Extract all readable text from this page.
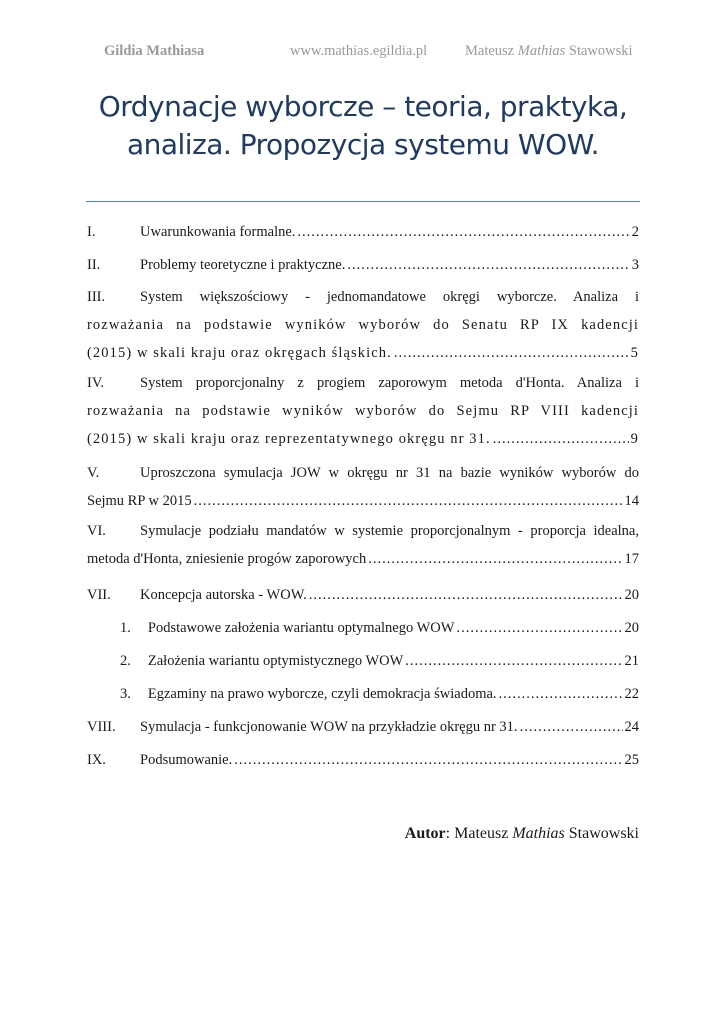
Gildia Mathiasa	www.mathias.egildia.pl	Mateusz Mathias Stawowski
Ordynacje wyborcze – teoria, praktyka, analiza. Propozycja systemu WOW.
I.	Uwarunkowania formalne. .....	2
II.	Problemy teoretyczne i praktyczne. .....	3
III. System większościowy - jednomandatowe okręgi wyborcze. Analiza i
rozważania na podstawie wyników wyborów do Senatu RP IX kadencji
(2015) w skali kraju oraz okręgach śląskich. .....	5
IV. System proporcjonalny z progiem zaporowym metoda d'Honta. Analiza i
rozważania na podstawie wyników wyborów do Sejmu RP VIII kadencji
(2015) w skali kraju oraz reprezentatywnego okręgu nr 31. .....	9
V.	Uproszczona symulacja JOW w okręgu nr 31 na bazie wyników wyborów do
Sejmu RP w 2015 .....	14
VI. Symulacje podziału mandatów w systemie proporcjonalnym - proporcja idealna,
metoda d'Honta, zniesienie progów zaporowych .....	17
VII. Koncepcja autorska - WOW. .....	20
1. Podstawowe założenia wariantu optymalnego WOW .....	20
2. Założenia wariantu optymistycznego WOW .....	21
3. Egzaminy na prawo wyborcze, czyli demokracja świadoma. .....	22
VIII. Symulacja - funkcjonowanie WOW na przykładzie okręgu nr 31. .....	24
IX. Podsumowanie. .....	25
Autor: Mateusz Mathias Stawowski
